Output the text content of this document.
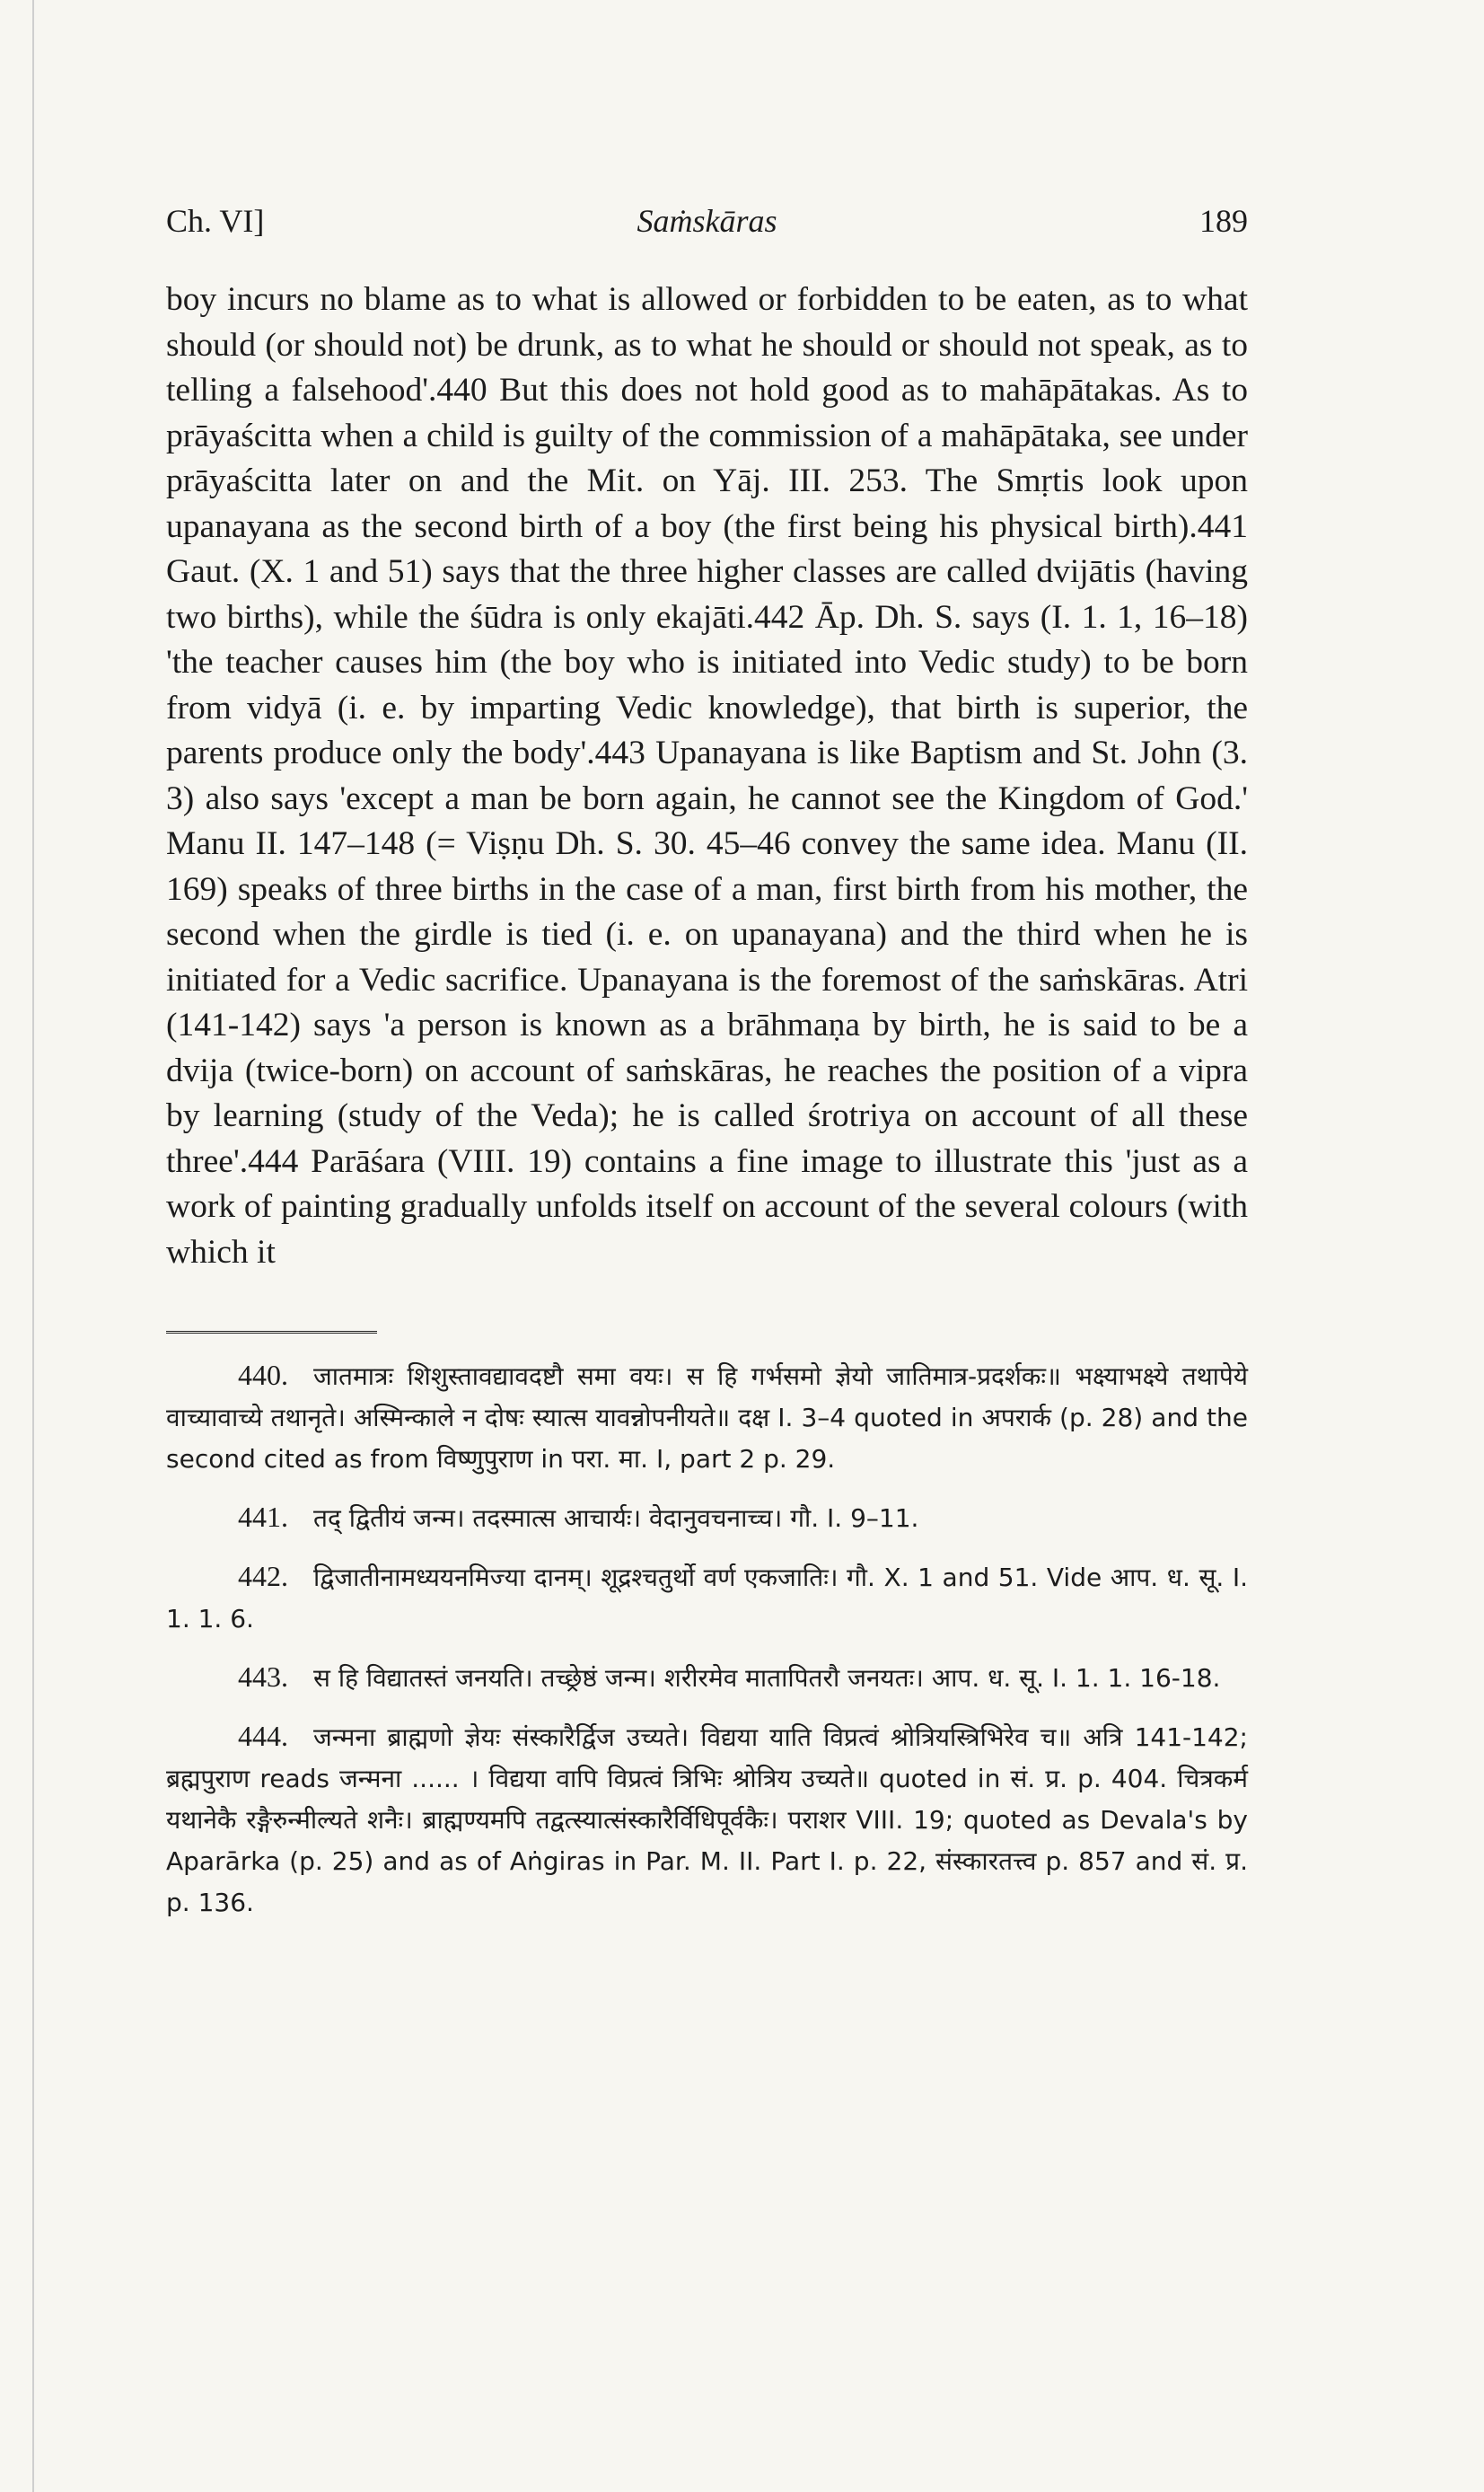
Ch. VI]	Saṁskāras	189

boy incurs no blame as to what is allowed or forbidden to be eaten, as to what should (or should not) be drunk, as to what he should or should not speak, as to telling a falsehood'.440 But this does not hold good as to mahāpātakas. As to prāyaścitta when a child is guilty of the commission of a mahāpātaka, see under prāyaścitta later on and the Mit. on Yāj. III. 253. The Smṛtis look upon upanayana as the second birth of a boy (the first being his physical birth).441 Gaut. (X. 1 and 51) says that the three higher classes are called dvijātis (having two births), while the śūdra is only ekajāti.442 Āp. Dh. S. says (I. 1. 1, 16–18) 'the teacher causes him (the boy who is initiated into Vedic study) to be born from vidyā (i. e. by imparting Vedic knowledge), that birth is superior, the parents produce only the body'.443 Upanayana is like Baptism and St. John (3. 3) also says 'except a man be born again, he cannot see the Kingdom of God.' Manu II. 147–148 (= Viṣṇu Dh. S. 30. 45–46 convey the same idea. Manu (II. 169) speaks of three births in the case of a man, first birth from his mother, the second when the girdle is tied (i. e. on upanayana) and the third when he is initiated for a Vedic sacrifice. Upanayana is the foremost of the saṁskāras. Atri (141-142) says 'a person is known as a brāhmaṇa by birth, he is said to be a dvija (twice-born) on account of saṁskāras, he reaches the position of a vipra by learning (study of the Veda); he is called śrotriya on account of all these three'.444 Parāśara (VIII. 19) contains a fine image to illustrate this 'just as a work of painting gradually unfolds itself on account of the several colours (with which it

440. जातमात्रः शिशुस्तावद्यावदष्टौ समा वयः। स हि गर्भसमो ज्ञेयो जातिमात्र-प्रदर्शकः॥ भक्ष्याभक्ष्ये तथापेये वाच्यावाच्ये तथानृते। अस्मिन्काले न दोषः स्यात्स यावन्नोपनीयते॥ दक्ष I. 3–4 quoted in अपरार्क (p. 28) and the second cited as from विष्णुपुराण in परा. मा. I, part 2 p. 29.

441. तद् द्वितीयं जन्म। तदस्मात्स आचार्यः। वेदानुवचनाच्च। गौ. I. 9–11.

442. द्विजातीनामध्ययनमिज्या दानम्। शूद्रश्चतुर्थो वर्ण एकजातिः। गौ. X. 1 and 51. Vide आप. ध. सू. I. 1. 1. 6.

443. स हि विद्यातस्तं जनयति। तच्छ्रेष्ठं जन्म। शरीरमेव मातापितरौ जनयतः। आप. ध. सू. I. 1. 1. 16-18.

444. जन्मना ब्राह्मणो ज्ञेयः संस्कारैर्द्विज उच्यते। विद्यया याति विप्रत्वं श्रोत्रियस्त्रिभिरेव च॥ अत्रि 141-142; ब्रह्मपुराण reads जन्मना ...... । विद्यया वापि विप्रत्वं त्रिभिः श्रोत्रिय उच्यते॥ quoted in सं. प्र. p. 404. चित्रकर्म यथानेकै रङ्गैरुन्मील्यते शनैः। ब्राह्मण्यमपि तद्वत्स्यात्संस्कारैर्विधिपूर्वकैः। पराशर VIII. 19; quoted as Devala's by Aparārka (p. 25) and as of Aṅgiras in Par. M. II. Part I. p. 22, संस्कारतत्त्व p. 857 and सं. प्र. p. 136.
